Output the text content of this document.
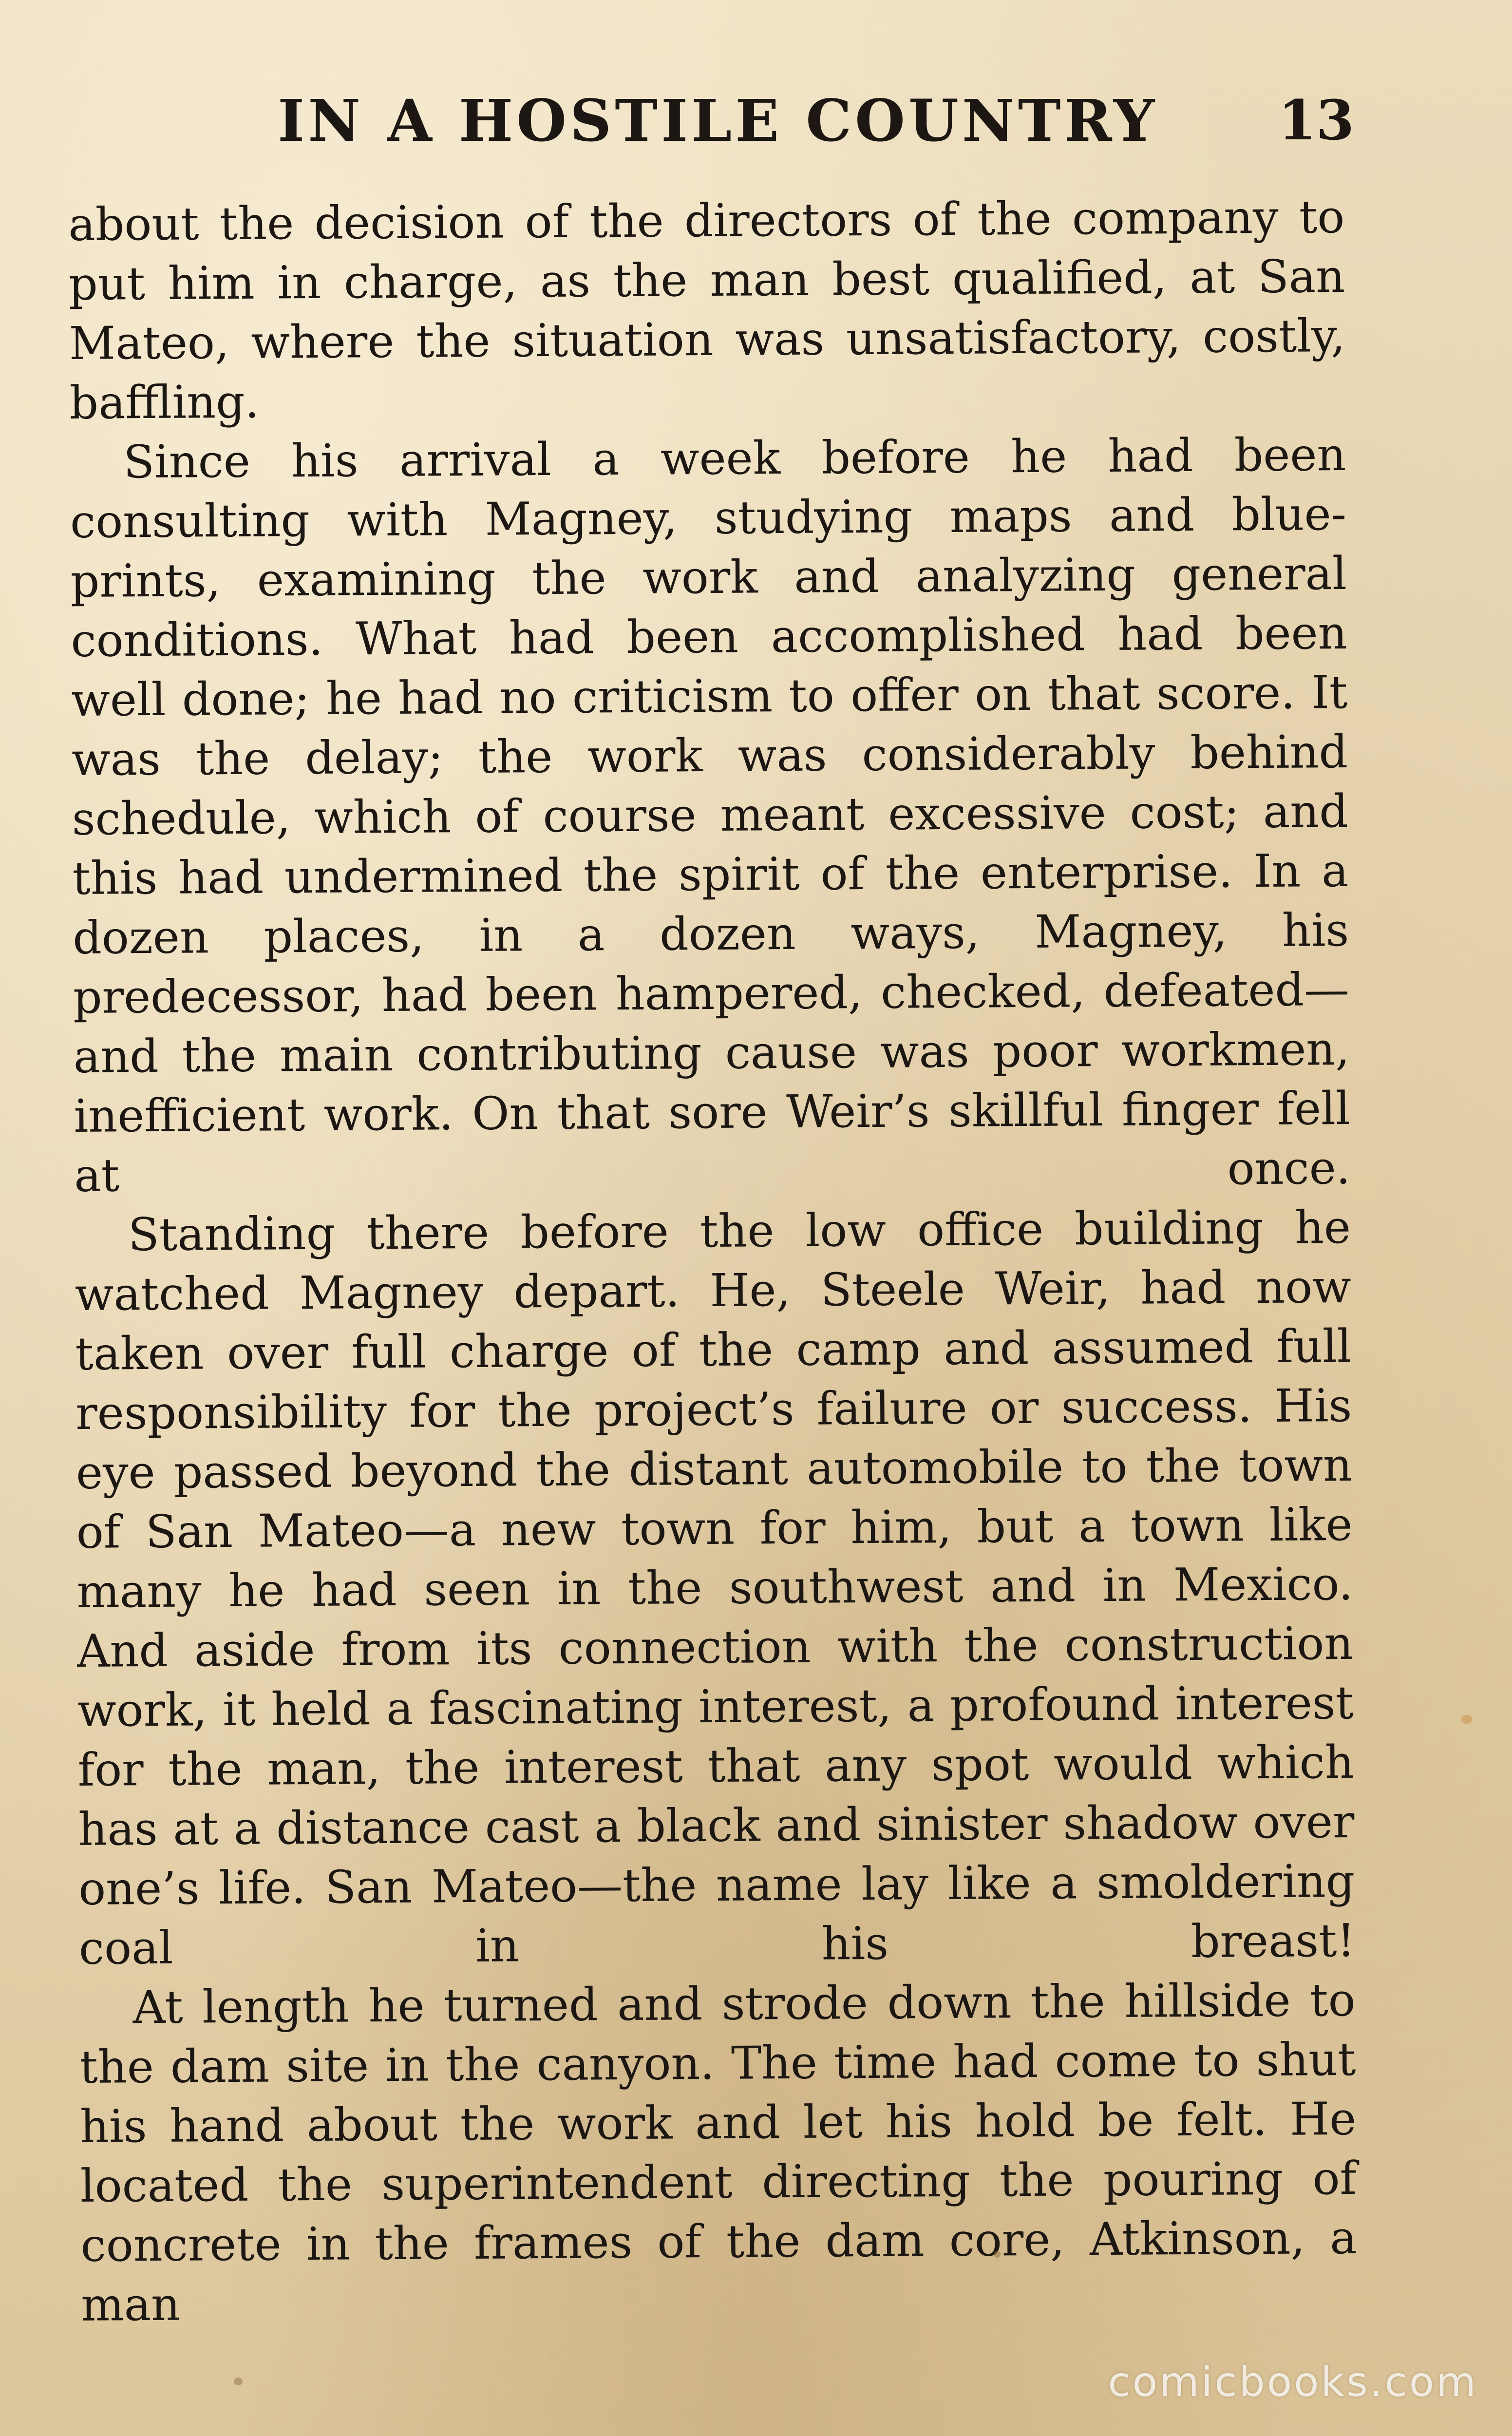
IN A HOSTILE COUNTRY 13

about the decision of the directors of the company to put him in charge, as the man best qualified, at San Mateo, where the situation was unsatisfactory, costly, baffling.

Since his arrival a week before he had been consulting with Magney, studying maps and blue-prints, examining the work and analyzing general conditions. What had been accomplished had been well done; he had no criticism to offer on that score. It was the delay; the work was considerably behind schedule, which of course meant excessive cost; and this had undermined the spirit of the enterprise. In a dozen places, in a dozen ways, Magney, his predecessor, had been hampered, checked, defeated—and the main contributing cause was poor workmen, inefficient work. On that sore Weir’s skillful finger fell at once.

Standing there before the low office building he watched Magney depart. He, Steele Weir, had now taken over full charge of the camp and assumed full responsibility for the project’s failure or success. His eye passed beyond the distant automobile to the town of San Mateo—a new town for him, but a town like many he had seen in the southwest and in Mexico. And aside from its connection with the construction work, it held a fascinating interest, a profound interest for the man, the interest that any spot would which has at a distance cast a black and sinister shadow over one’s life. San Mateo—the name lay like a smoldering coal in his breast!

At length he turned and strode down the hillside to the dam site in the canyon. The time had come to shut his hand about the work and let his hold be felt. He located the superintendent directing the pouring of concrete in the frames of the dam core, Atkinson, a man

comicbooks.com
